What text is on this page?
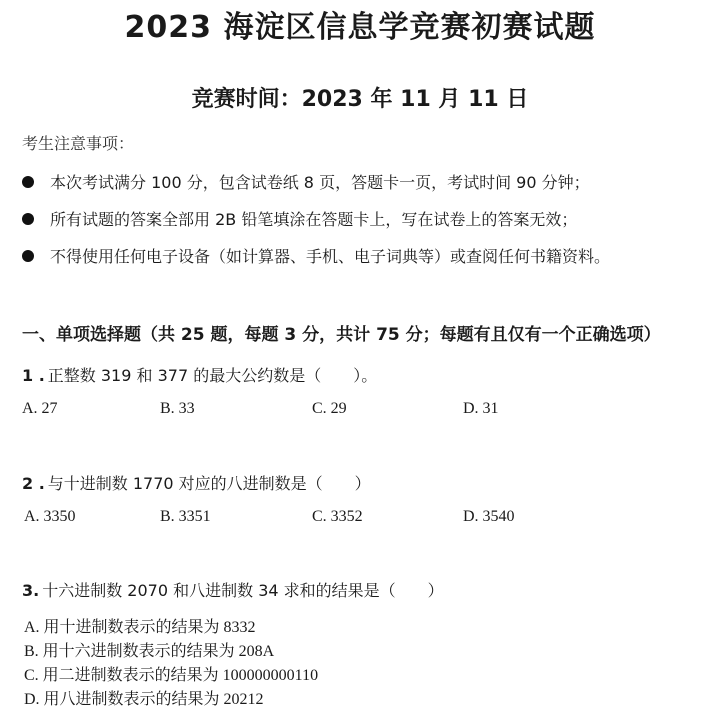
2023 海淀区信息学竞赛初赛试题
竞赛时间：2023 年 11 月 11 日
考生注意事项：
本次考试满分 100 分，包含试卷纸 8 页，答题卡一页，考试时间 90 分钟；
所有试题的答案全部用 2B 铅笔填涂在答题卡上，写在试卷上的答案无效；
不得使用任何电子设备（如计算器、手机、电子词典等）或查阅任何书籍资料。
一、单项选择题（共 25 题，每题 3 分，共计 75 分；每题有且仅有一个正确选项）
1 . 正整数 319 和 377 的最大公约数是（　　）。
A. 27	B. 33	C. 29	D. 31
2 . 与十进制数 1770 对应的八进制数是（　　）
A. 3350	B. 3351	C. 3352	D. 3540
3. 十六进制数 2070 和八进制数 34 求和的结果是（　　）
A. 用十进制数表示的结果为 8332
B. 用十六进制数表示的结果为 208A
C. 用二进制数表示的结果为 100000000110
D. 用八进制数表示的结果为 20212
